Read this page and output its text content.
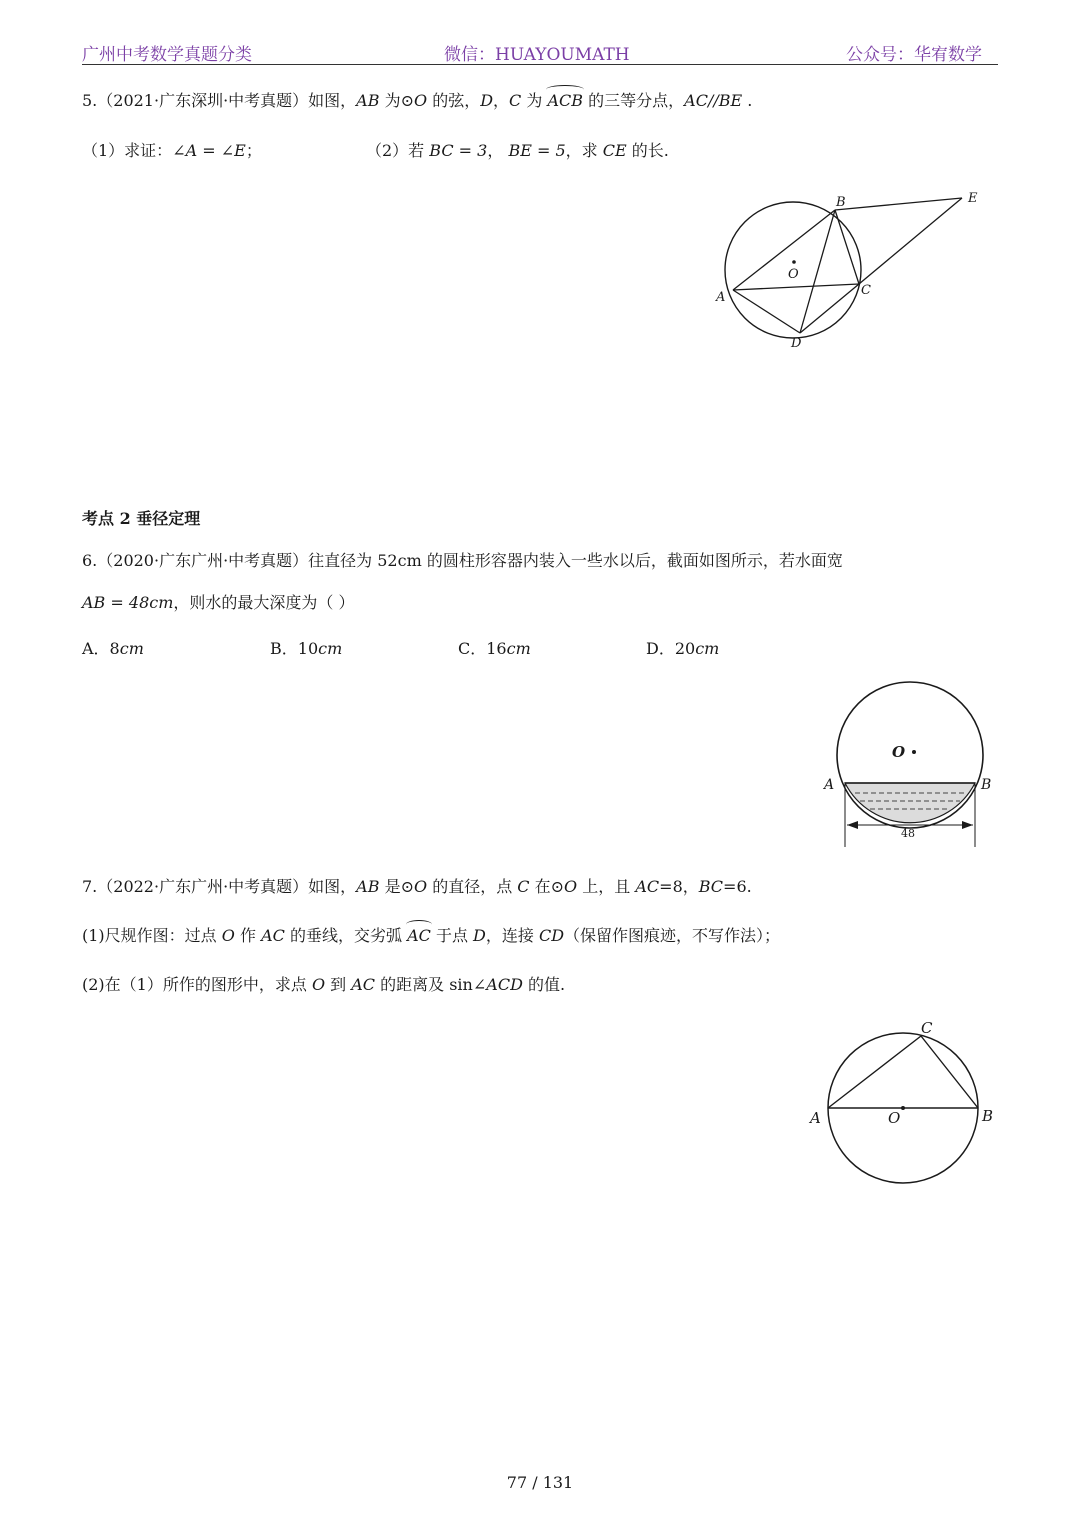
广州中考数学真题分类	微信：HUAYOUMATH	公众号：华宥数学
5.（2021·广东深圳·中考真题）如图，AB 为⊙O 的弦，D，C 为 ACB 的三等分点，AC//BE .
（1）求证：∠A = ∠E；	（2）若 BC = 3， BE = 5，求 CE 的长.
A
B
C
D
E
O
考点 2 垂径定理
6.（2020·广东广州·中考真题）往直径为 52cm 的圆柱形容器内装入一些水以后，截面如图所示，若水面宽
AB = 48cm，则水的最大深度为（ ）
A．8cm	B．10cm	C．16cm	D．20cm
A	B
O
48
7.（2022·广东广州·中考真题）如图，AB 是⊙O 的直径，点 C 在⊙O 上，且 AC=8，BC=6.
(1)尺规作图：过点 O 作 AC 的垂线，交劣弧 AC 于点 D，连接 CD（保留作图痕迹，不写作法）；
(2)在（1）所作的图形中，求点 O 到 AC 的距离及 sin∠ACD 的值.
A	B
C
O
77 / 131
